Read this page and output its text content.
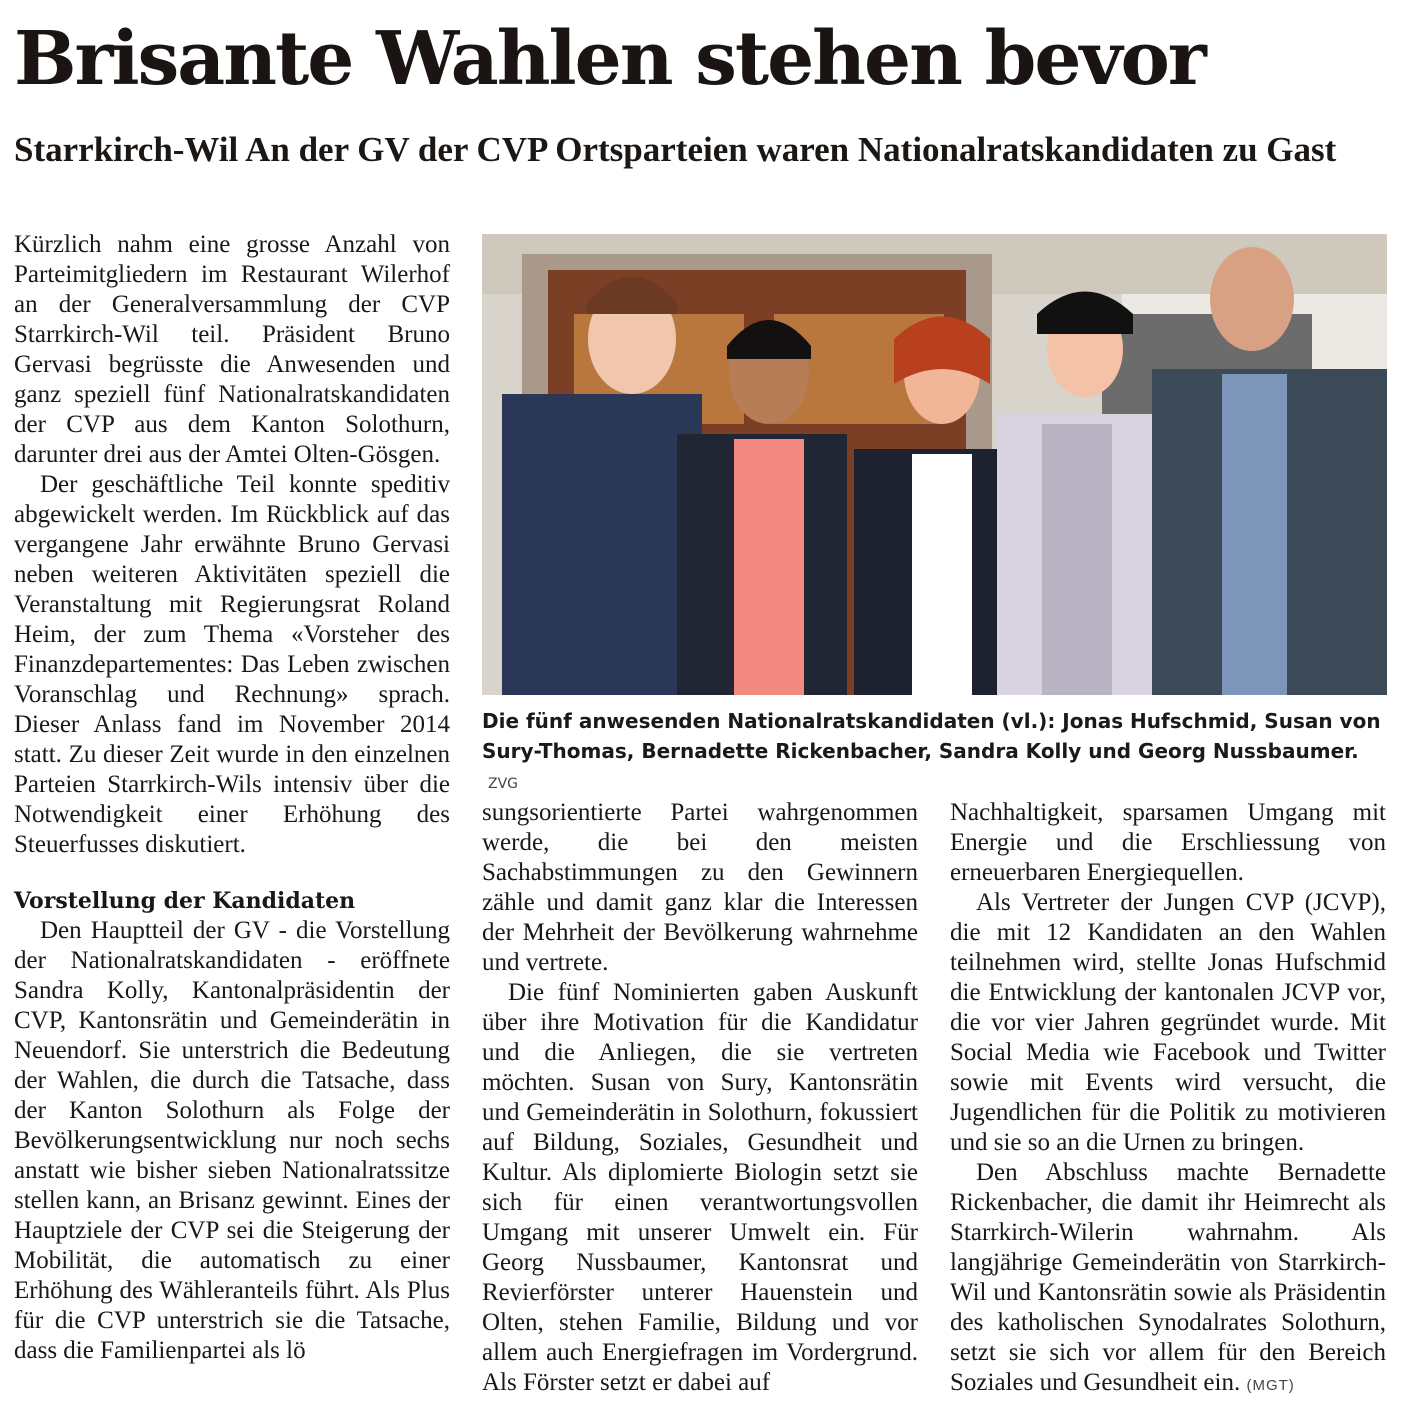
Brisante Wahlen stehen bevor
Starrkirch-Wil An der GV der CVP Ortsparteien waren Nationalratskandidaten zu Gast

Kürzlich nahm eine grosse Anzahl von Parteimitgliedern im Restaurant Wilerhof an der Generalversammlung der CVP Starrkirch-Wil teil. Präsident Bruno Gervasi begrüsste die Anwesenden und ganz speziell fünf Nationalratskandidaten der CVP aus dem Kanton Solothurn, darunter drei aus der Amtei Olten-Gösgen.

Der geschäftliche Teil konnte speditiv abgewickelt werden. Im Rückblick auf das vergangene Jahr erwähnte Bruno Gervasi neben weiteren Aktivitäten speziell die Veranstaltung mit Regierungsrat Roland Heim, der zum Thema «Vorsteher des Finanzdepartementes: Das Leben zwischen Voranschlag und Rechnung» sprach. Dieser Anlass fand im November 2014 statt. Zu dieser Zeit wurde in den einzelnen Parteien Starrkirch-Wils intensiv über die Notwendigkeit einer Erhöhung des Steuerfusses diskutiert.

Vorstellung der Kandidaten

Den Hauptteil der GV - die Vorstellung der Nationalratskandidaten - eröffnete Sandra Kolly, Kantonalpräsidentin der CVP, Kantonsrätin und Gemeinderätin in Neuendorf. Sie unterstrich die Bedeutung der Wahlen, die durch die Tatsache, dass der Kanton Solothurn als Folge der Bevölkerungsentwicklung nur noch sechs anstatt wie bisher sieben Nationalratssitze stellen kann, an Brisanz gewinnt. Eines der Hauptziele der CVP sei die Steigerung der Mobilität, die automatisch zu einer Erhöhung des Wähleranteils führt. Als Plus für die CVP unterstrich sie die Tatsache, dass die Familienpartei als lö

Die fünf anwesenden Nationalratskandidaten (vl.): Jonas Hufschmid, Susan von Sury-Thomas, Bernadette Rickenbacher, Sandra Kolly und Georg Nussbaumer. ZVG

sungsorientierte Partei wahrgenommen werde, die bei den meisten Sachabstimmungen zu den Gewinnern zähle und damit ganz klar die Interessen der Mehrheit der Bevölkerung wahrnehme und vertrete.

Die fünf Nominierten gaben Auskunft über ihre Motivation für die Kandidatur und die Anliegen, die sie vertreten möchten. Susan von Sury, Kantonsrätin und Gemeinderätin in Solothurn, fokussiert auf Bildung, Soziales, Gesundheit und Kultur. Als diplomierte Biologin setzt sie sich für einen verantwortungsvollen Umgang mit unserer Umwelt ein. Für Georg Nussbaumer, Kantonsrat und Revierförster unterer Hauenstein und Olten, stehen Familie, Bildung und vor allem auch Energiefragen im Vordergrund. Als Förster setzt er dabei auf

Nachhaltigkeit, sparsamen Umgang mit Energie und die Erschliessung von erneuerbaren Energiequellen.

Als Vertreter der Jungen CVP (JCVP), die mit 12 Kandidaten an den Wahlen teilnehmen wird, stellte Jonas Hufschmid die Entwicklung der kantonalen JCVP vor, die vor vier Jahren gegründet wurde. Mit Social Media wie Facebook und Twitter sowie mit Events wird versucht, die Jugendlichen für die Politik zu motivieren und sie so an die Urnen zu bringen.

Den Abschluss machte Bernadette Rickenbacher, die damit ihr Heimrecht als Starrkirch-Wilerin wahrnahm. Als langjährige Gemeinderätin von Starrkirch-Wil und Kantonsrätin sowie als Präsidentin des katholischen Synodalrates Solothurn, setzt sie sich vor allem für den Bereich Soziales und Gesundheit ein. (MGT)
